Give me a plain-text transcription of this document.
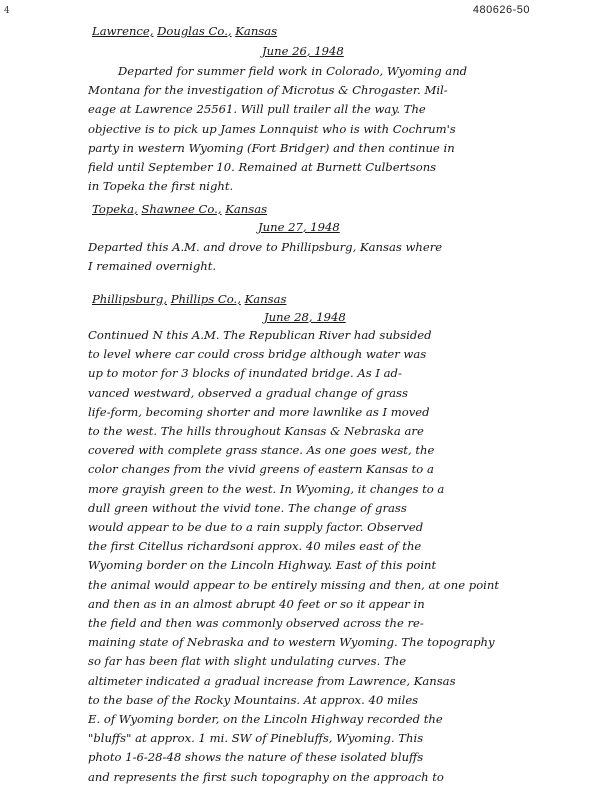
4	480626-50
Lawrence, Douglas Co., Kansas
June 26, 1948
Departed for summer field work in Colorado, Wyoming and
Montana for the investigation of Microtus & Chrogaster. Mil-
eage at Lawrence 25561. Will pull trailer all the way. The
objective is to pick up James Lonnquist who is with Cochrum's
party in western Wyoming (Fort Bridger) and then continue in
field until September 10. Remained at Burnett Culbertsons
in Topeka the first night.
Topeka, Shawnee Co., Kansas
June 27, 1948
Departed this A.M. and drove to Phillipsburg, Kansas where
I remained overnight.
Phillipsburg, Phillips Co., Kansas
June 28, 1948
Continued N this A.M. The Republican River had subsided
to level where car could cross bridge although water was
up to motor for 3 blocks of inundated bridge. As I ad-
vanced westward, observed a gradual change of grass
life-form, becoming shorter and more lawnlike as I moved
to the west. The hills throughout Kansas & Nebraska are
covered with complete grass stance. As one goes west, the
color changes from the vivid greens of eastern Kansas to a
more grayish green to the west. In Wyoming, it changes to a
dull green without the vivid tone. The change of grass
would appear to be due to a rain supply factor. Observed
the first Citellus richardsoni approx. 40 miles east of the
Wyoming border on the Lincoln Highway. East of this point
the animal would appear to be entirely missing and then, at one point
and then as in an almost abrupt 40 feet or so it appear in
the field and then was commonly observed across the re-
maining state of Nebraska and to western Wyoming. The topography
so far has been flat with slight undulating curves. The
altimeter indicated a gradual increase from Lawrence, Kansas
to the base of the Rocky Mountains. At approx. 40 miles
E. of Wyoming border, on the Lincoln Highway recorded the
"bluffs" at approx. 1 mi. SW of Pinebluffs, Wyoming. This
photo 1-6-28-48 shows the nature of these isolated bluffs
and represents the first such topography on the approach to
